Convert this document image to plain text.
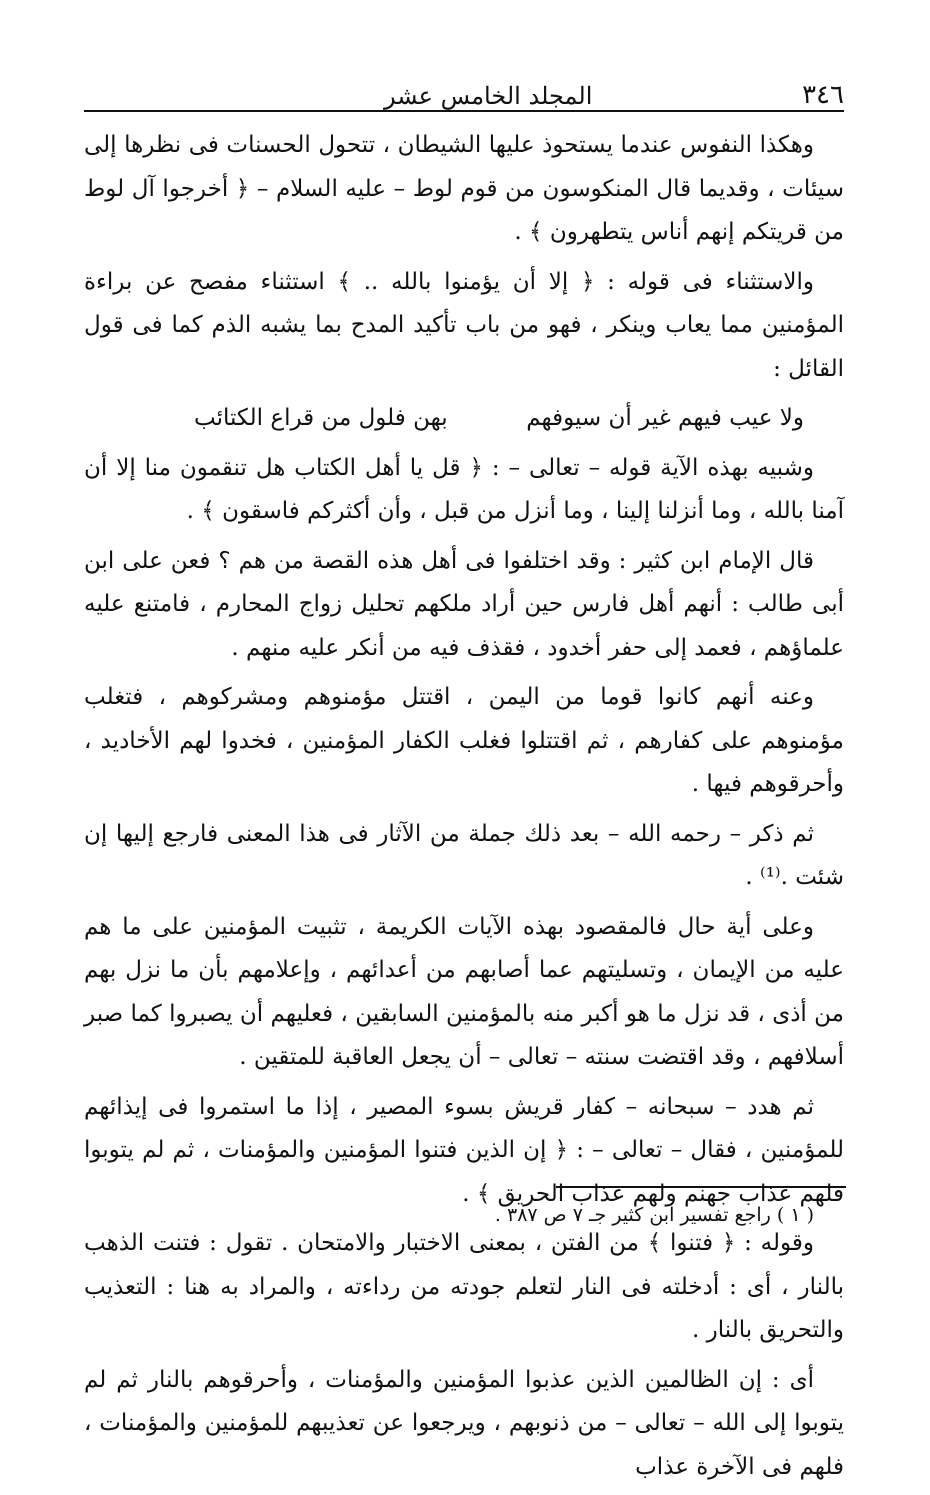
المجلد الخامس عشر	٣٤٦

وهكذا النفوس عندما يستحوذ عليها الشيطان ، تتحول الحسنات فى نظرها إلى سيئات ، وقديما قال المنكوسون من قوم لوط – عليه السلام – ﴿ أخرجوا آل لوط من قريتكم إنهم أناس يتطهرون ﴾ .

والاستثناء فى قوله : ﴿ إلا أن يؤمنوا بالله .. ﴾ استثناء مفصح عن براءة المؤمنين مما يعاب وينكر ، فهو من باب تأكيد المدح بما يشبه الذم كما فى قول القائل :

ولا عيب فيهم غير أن سيوفهم
بهن فلول من قراع الكتائب

وشبيه بهذه الآية قوله – تعالى – : ﴿ قل يا أهل الكتاب هل تنقمون منا إلا أن آمنا بالله ، وما أنزلنا إلينا ، وما أنزل من قبل ، وأن أكثركم فاسقون ﴾ .

قال الإمام ابن كثير : وقد اختلفوا فى أهل هذه القصة من هم ؟ فعن على ابن أبى طالب : أنهم أهل فارس حين أراد ملكهم تحليل زواج المحارم ، فامتنع عليه علماؤهم ، فعمد إلى حفر أخدود ، فقذف فيه من أنكر عليه منهم .

وعنه أنهم كانوا قوما من اليمن ، اقتتل مؤمنوهم ومشركوهم ، فتغلب مؤمنوهم على كفارهم ، ثم اقتتلوا فغلب الكفار المؤمنين ، فخدوا لهم الأخاديد ، وأحرقوهم فيها .

ثم ذكر – رحمه الله – بعد ذلك جملة من الآثار فى هذا المعنى فارجع إليها إن شئت .⁽¹⁾ .

وعلى أية حال فالمقصود بهذه الآيات الكريمة ، تثبيت المؤمنين على ما هم عليه من الإيمان ، وتسليتهم عما أصابهم من أعدائهم ، وإعلامهم بأن ما نزل بهم من أذى ، قد نزل ما هو أكبر منه بالمؤمنين السابقين ، فعليهم أن يصبروا كما صبر أسلافهم ، وقد اقتضت سنته – تعالى – أن يجعل العاقبة للمتقين .

ثم هدد – سبحانه – كفار قريش بسوء المصير ، إذا ما استمروا فى إيذائهم للمؤمنين ، فقال – تعالى – : ﴿ إن الذين فتنوا المؤمنين والمؤمنات ، ثم لم يتوبوا فلهم عذاب جهنم ولهم عذاب الحريق ﴾ .

وقوله : ﴿ فتنوا ﴾ من الفتن ، بمعنى الاختبار والامتحان . تقول : فتنت الذهب بالنار ، أى : أدخلته فى النار لتعلم جودته من رداءته ، والمراد به هنا : التعذيب والتحريق بالنار .

أى : إن الظالمين الذين عذبوا المؤمنين والمؤمنات ، وأحرقوهم بالنار ثم لم يتوبوا إلى الله – تعالى – من ذنوبهم ، ويرجعوا عن تعذيبهم للمؤمنين والمؤمنات ، فلهم فى الآخرة عذاب

( ١ ) راجع تفسير ابن كثير جـ ٧ ص ٣٨٧ .
